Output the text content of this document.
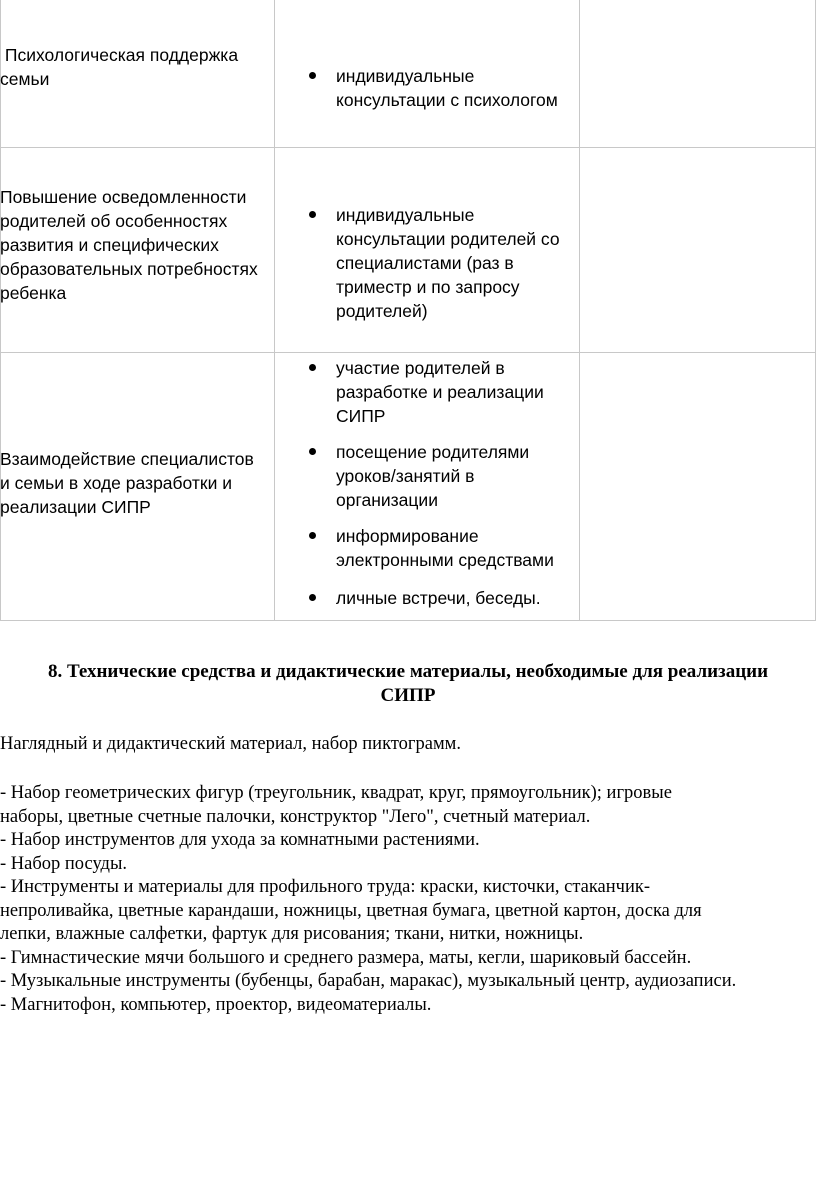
Психологическая поддержка
семьи	индивидуальные
консультации с психологом
Повышение осведомленности
родителей об особенностях
развития и специфических
образовательных потребностях
ребенка
индивидуальные
консультации родителей со
специалистами (раз в
триместр и по запросу
родителей)
Взаимодействие специалистов
и семьи в ходе разработки и
реализации СИПР
участие родителей в
разработке и реализации
СИПР
посещение родителями
уроков/занятий в
организации
информирование
электронными средствами
личные встречи, беседы.
8. Технические средства и дидактические материалы, необходимые для реализации
СИПР
Наглядный и дидактический материал, набор пиктограмм.
- Набор геометрических фигур (треугольник, квадрат, круг, прямоугольник); игровые
наборы, цветные счетные палочки, конструктор "Лего", счетный материал.
- Набор инструментов для ухода за комнатными растениями.
- Набор посуды.
- Инструменты и материалы для профильного труда: краски, кисточки, стаканчик-
непроливайка, цветные карандаши, ножницы, цветная бумага, цветной картон, доска для
лепки, влажные салфетки, фартук для рисования; ткани, нитки, ножницы.
- Гимнастические мячи большого и среднего размера, маты, кегли, шариковый бассейн.
- Музыкальные инструменты (бубенцы, барабан, маракас), музыкальный центр, аудиозаписи.
- Магнитофон, компьютер, проектор, видеоматериалы.
